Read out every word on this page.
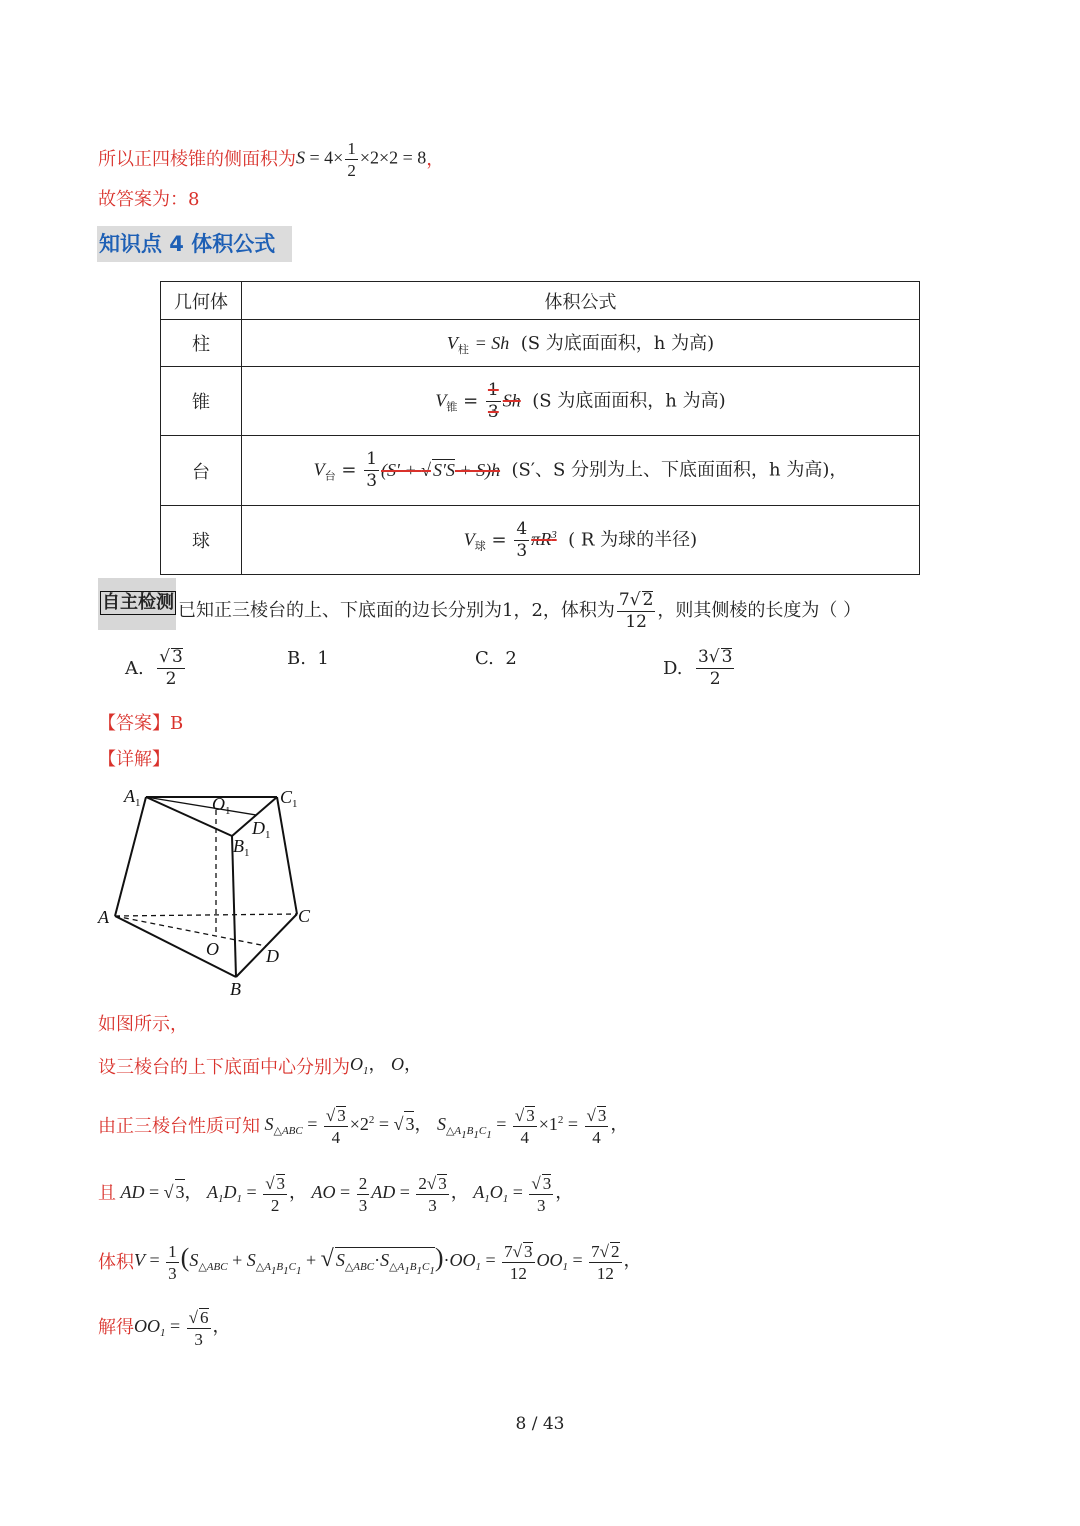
所以正四棱锥的侧面积为 $S = 4\times \frac{1}{2} \times 2\times 2 = 8$ ，
故答案为：8
知识点 4 体积公式
几何体	体积公式
柱	$V_柱 = Sh$ (S 为底面面积，h 为高)
锥	$V_锥 = \frac{1}{3}$ Sh (S 为底面面积，h 为高)
台	$V_台 = \frac{1}{3} (S'$ + √ S′S + S)h (S′、S 分别为上、下底面面积，h 为高)，
球	$V_球 = \frac{4}{3} \pi R^3$ ( R 为球的半径)
自主检测 已知正三棱台的上、下底面的边长分别为1，2，体积为 $\frac{7√ 2}{12}$ ，则其侧棱的长度为（ ）
A.
$\frac{√ 3}{2}$	B.
1	C.
2	D.
$\frac{3√ 3}{2}$
【答案】B
【详解】
$A_1$	$O_1$
$C_1$
$D_1$
$B_1$
A	C
O	D
B
如图所示，
设三棱台的上下底面中心分别为 $O_1$， O，
由正三棱台性质可知 $S_{\triangle ABC} = \frac{√ 3}{4} \times 2^2$ = √ 3， $S_{\triangle A_1B_1C_1} = \frac{√ 3}{4} \times 1^2 = \frac{√ 3}{4}$ ，
且 AD = √ 3， $A_1D_1 = \frac{√ 3}{2}$ ， AO = $\frac{2}{3}$ AD = $\frac{2√ 3}{3}$ ， $A_1O_1 = \frac{√ 3}{3}$ ，
体积 $V = \frac{1}{3} (S_{\triangle ABC} + S_{\triangle A_1B_1C_1}$ + √ $S_{\triangle ABC}\cdot S_{\triangle A_1B_1C_1})\cdot OO_1 = \frac{7√ 3}{12} OO_1 = \frac{7√ 2}{12}$ ，
解得 $OO_1 = \frac{√ 6}{3}$ ，
8 / 43
